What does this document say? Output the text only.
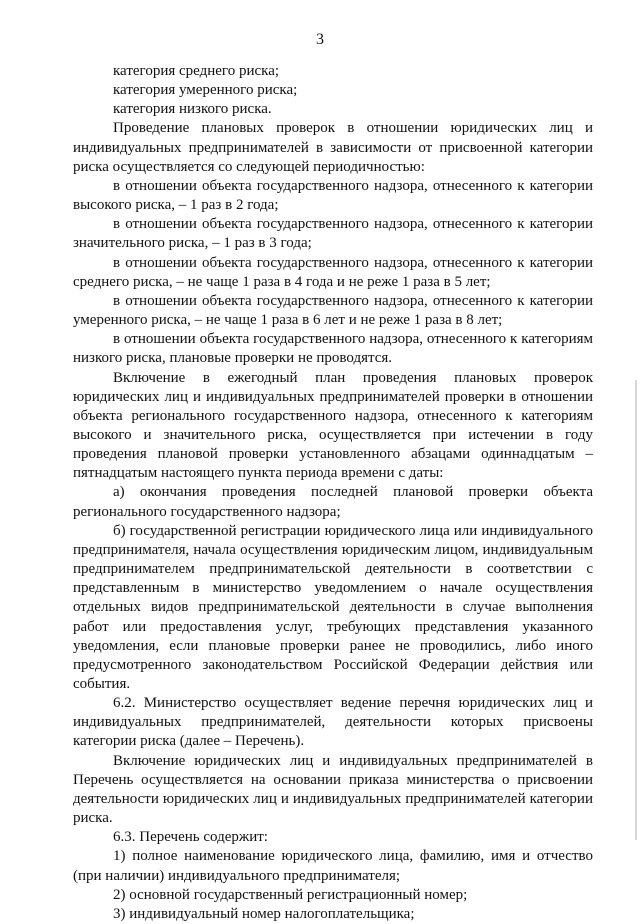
3

категория среднего риска;

категория умеренного риска;

категория низкого риска.

Проведение плановых проверок в отношении юридических лиц и индивидуальных предпринимателей в зависимости от присвоенной категории риска осуществляется со следующей периодичностью:

в отношении объекта государственного надзора, отнесенного к категории высокого риска, – 1 раз в 2 года;

в отношении объекта государственного надзора, отнесенного к категории значительного риска, – 1 раз в 3 года;

в отношении объекта государственного надзора, отнесенного к категории среднего риска, – не чаще 1 раза в 4 года и не реже 1 раза в 5 лет;

в отношении объекта государственного надзора, отнесенного к категории умеренного риска, – не чаще 1 раза в 6 лет и не реже 1 раза в 8 лет;

в отношении объекта государственного надзора, отнесенного к категориям низкого риска, плановые проверки не проводятся.

Включение в ежегодный план проведения плановых проверок юридических лиц и индивидуальных предпринимателей проверки в отношении объекта регионального государственного надзора, отнесенного к категориям высокого и значительного риска, осуществляется при истечении в году проведения плановой проверки установленного абзацами одиннадцатым – пятнадцатым настоящего пункта периода времени с даты:

а) окончания проведения последней плановой проверки объекта регионального государственного надзора;

б) государственной регистрации юридического лица или индивидуального предпринимателя, начала осуществления юридическим лицом, индивидуальным предпринимателем предпринимательской деятельности в соответствии с представленным в министерство уведомлением о начале осуществления отдельных видов предпринимательской деятельности в случае выполнения работ или предоставления услуг, требующих представления указанного уведомления, если плановые проверки ранее не проводились, либо иного предусмотренного законодательством Российской Федерации действия или события.

6.2. Министерство осуществляет ведение перечня юридических лиц и индивидуальных предпринимателей, деятельности которых присвоены категории риска (далее – Перечень).

Включение юридических лиц и индивидуальных предпринимателей в Перечень осуществляется на основании приказа министерства о присвоении деятельности юридических лиц и индивидуальных предпринимателей категории риска.

6.3. Перечень содержит:

1) полное наименование юридического лица, фамилию, имя и отчество (при наличии) индивидуального предпринимателя;

2) основной государственный регистрационный номер;

3) индивидуальный номер налогоплательщика;
